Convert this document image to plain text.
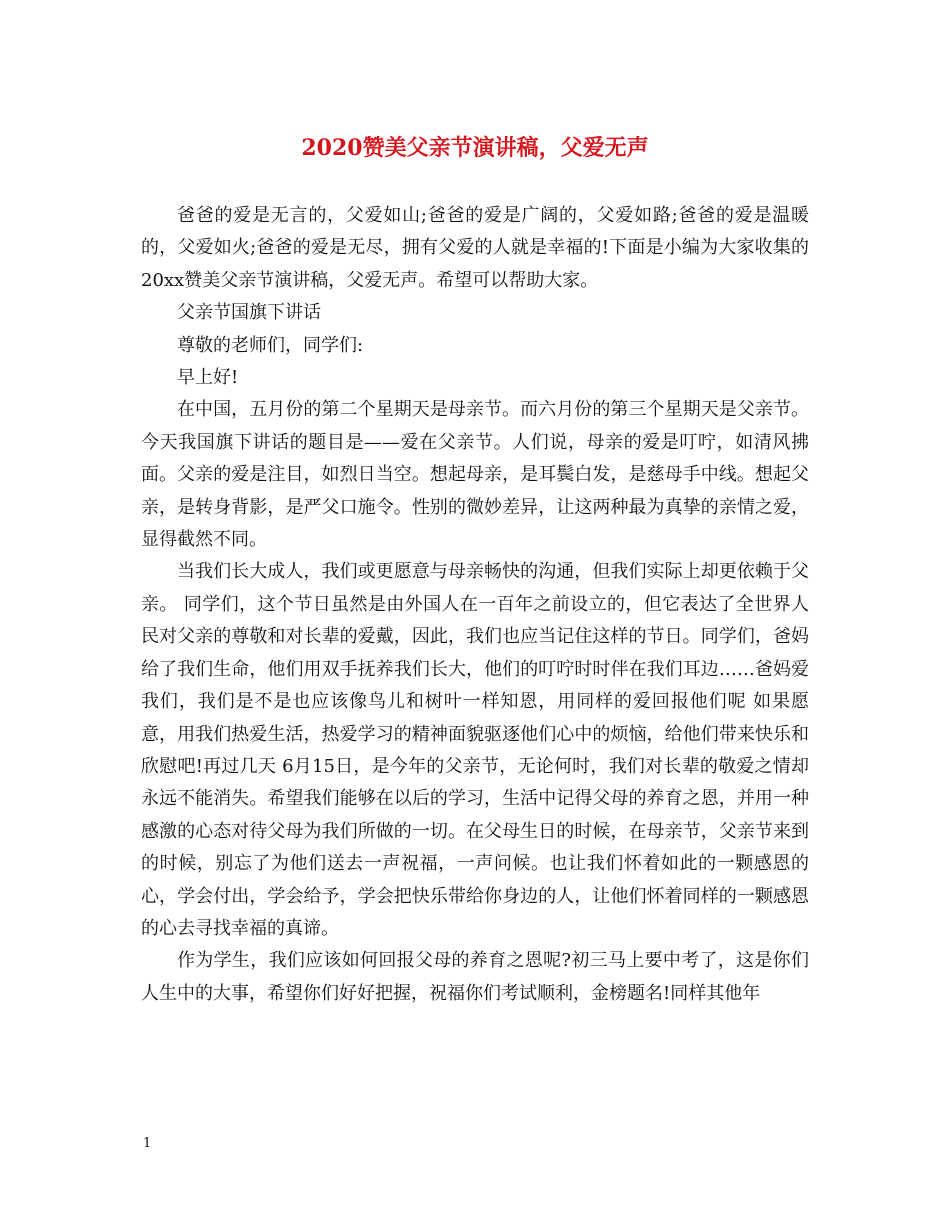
2020赞美父亲节演讲稿，父爱无声

爸爸的爱是无言的，父爱如山;爸爸的爱是广阔的，父爱如路;爸爸的爱是温暖的，父爱如火;爸爸的爱是无尽，拥有父爱的人就是幸福的!下面是小编为大家收集的20xx赞美父亲节演讲稿，父爱无声。希望可以帮助大家。

父亲节国旗下讲话

尊敬的老师们，同学们:

早上好!

在中国，五月份的第二个星期天是母亲节。而六月份的第三个星期天是父亲节。今天我国旗下讲话的题目是——爱在父亲节。人们说，母亲的爱是叮咛，如清风拂面。父亲的爱是注目，如烈日当空。想起母亲，是耳鬓白发，是慈母手中线。想起父亲，是转身背影，是严父口施令。性别的微妙差异，让这两种最为真挚的亲情之爱，显得截然不同。

当我们长大成人，我们或更愿意与母亲畅快的沟通，但我们实际上却更依赖于父亲。 同学们，这个节日虽然是由外国人在一百年之前设立的，但它表达了全世界人民对父亲的尊敬和对长辈的爱戴，因此，我们也应当记住这样的节日。同学们，爸妈给了我们生命，他们用双手抚养我们长大，他们的叮咛时时伴在我们耳边……爸妈爱我们，我们是不是也应该像鸟儿和树叶一样知恩，用同样的爱回报他们呢 如果愿意，用我们热爱生活，热爱学习的精神面貌驱逐他们心中的烦恼，给他们带来快乐和欣慰吧!再过几天 6月15日，是今年的父亲节，无论何时，我们对长辈的敬爱之情却永远不能消失。希望我们能够在以后的学习，生活中记得父母的养育之恩，并用一种感激的心态对待父母为我们所做的一切。在父母生日的时候，在母亲节，父亲节来到的时候，别忘了为他们送去一声祝福，一声问候。也让我们怀着如此的一颗感恩的心，学会付出，学会给予，学会把快乐带给你身边的人，让他们怀着同样的一颗感恩的心去寻找幸福的真谛。

作为学生，我们应该如何回报父母的养育之恩呢?初三马上要中考了，这是你们人生中的大事，希望你们好好把握，祝福你们考试顺利，金榜题名!同样其他年

1
